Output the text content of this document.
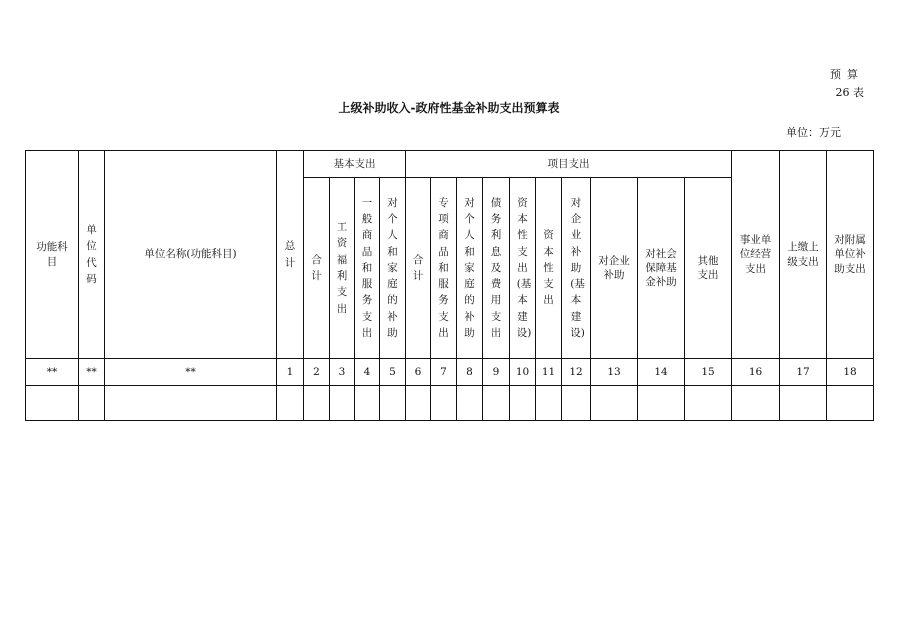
预算
26 表
上级补助收入-政府性基金补助支出预算表
单位：万元
功能科目	单位代码	单位名称(功能科目)	总计	基本支出				项目支出										事业单位经营支出	上缴上级支出	对附属单位补助支出
				合计	工资福利支出	一般商品和服务支出	对个人和家庭的补助	合计	专项商品和服务支出	对个人和家庭的补助	债务利息及费用支出	资本性支出(基本建设)	资本性支出	对企业补助(基本建设)	对企业补助	对社会保障基金补助	其他支出			
**	**	**	1	2	3	4	5	6	7	8	9	10	11	12	13	14	15	16	17	18
